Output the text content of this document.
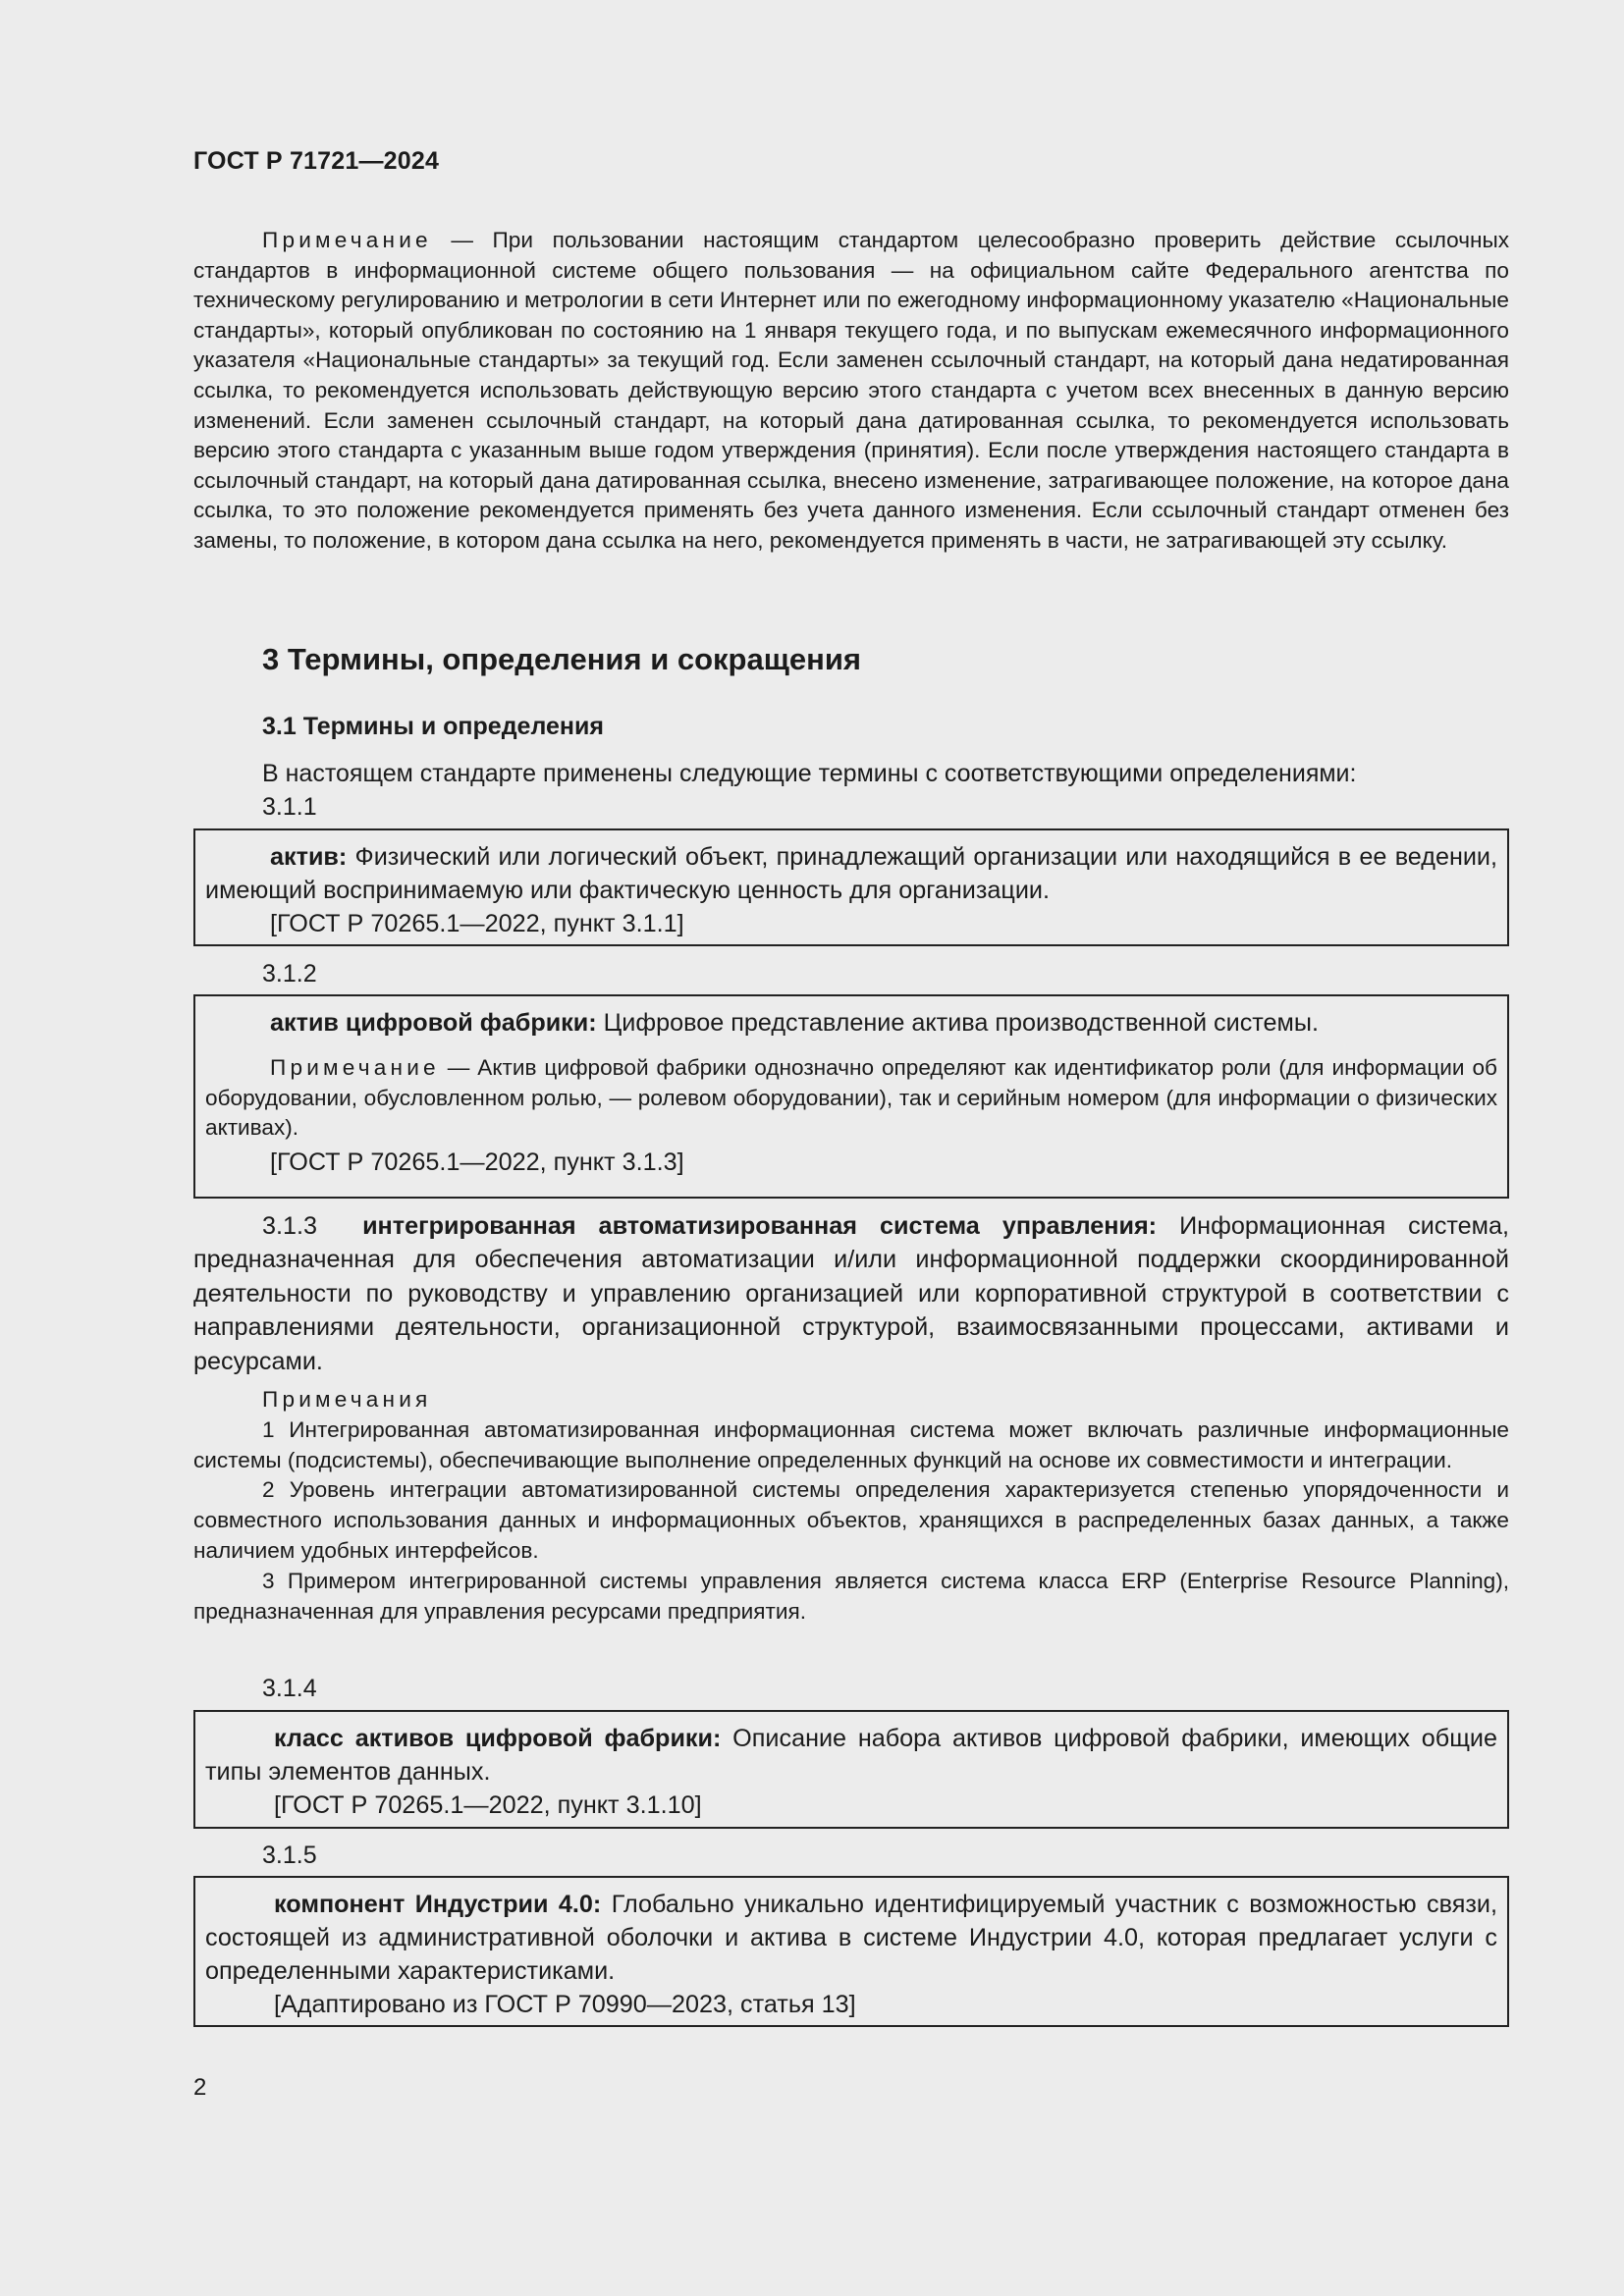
ГОСТ Р 71721—2024

Примечание — При пользовании настоящим стандартом целесообразно проверить действие ссылочных стандартов в информационной системе общего пользования — на официальном сайте Федерального агентства по техническому регулированию и метрологии в сети Интернет или по ежегодному информационному указателю «Национальные стандарты», который опубликован по состоянию на 1 января текущего года, и по выпускам ежемесячного информационного указателя «Национальные стандарты» за текущий год. Если заменен ссылочный стандарт, на который дана недатированная ссылка, то рекомендуется использовать действующую версию этого стандарта с учетом всех внесенных в данную версию изменений. Если заменен ссылочный стандарт, на который дана датированная ссылка, то рекомендуется использовать версию этого стандарта с указанным выше годом утверждения (принятия). Если после утверждения настоящего стандарта в ссылочный стандарт, на который дана датированная ссылка, внесено изменение, затрагивающее положение, на которое дана ссылка, то это положение рекомендуется применять без учета данного изменения. Если ссылочный стандарт отменен без замены, то положение, в котором дана ссылка на него, рекомендуется применять в части, не затрагивающей эту ссылку.

3 Термины, определения и сокращения
3.1 Термины и определения
В настоящем стандарте применены следующие термины с соответствующими определениями:
3.1.1

актив: Физический или логический объект, принадлежащий организации или находящийся в ее ведении, имеющий воспринимаемую или фактическую ценность для организации.

[ГОСТ Р 70265.1—2022, пункт 3.1.1]

3.1.2

актив цифровой фабрики: Цифровое представление актива производственной системы.

Примечание — Актив цифровой фабрики однозначно определяют как идентификатор роли (для информации об оборудовании, обусловленном ролью, — ролевом оборудовании), так и серийным номером (для информации о физических активах).

[ГОСТ Р 70265.1—2022, пункт 3.1.3]

3.1.3 интегрированная автоматизированная система управления: Информационная система, предназначенная для обеспечения автоматизации и/или информационной поддержки скоординированной деятельности по руководству и управлению организацией или корпоративной структурой в соответствии с направлениями деятельности, организационной структурой, взаимосвязанными процессами, активами и ресурсами.

Примечания

1 Интегрированная автоматизированная информационная система может включать различные информационные системы (подсистемы), обеспечивающие выполнение определенных функций на основе их совместимости и интеграции.

2 Уровень интеграции автоматизированной системы определения характеризуется степенью упорядоченности и совместного использования данных и информационных объектов, хранящихся в распределенных базах данных, а также наличием удобных интерфейсов.

3 Примером интегрированной системы управления является система класса ERP (Enterprise Resource Planning), предназначенная для управления ресурсами предприятия.

3.1.4

класс активов цифровой фабрики: Описание набора активов цифровой фабрики, имеющих общие типы элементов данных.

[ГОСТ Р 70265.1—2022, пункт 3.1.10]

3.1.5

компонент Индустрии 4.0: Глобально уникально идентифицируемый участник с возможностью связи, состоящей из административной оболочки и актива в системе Индустрии 4.0, которая предлагает услуги с определенными характеристиками.

[Адаптировано из ГОСТ Р 70990—2023, статья 13]

2
